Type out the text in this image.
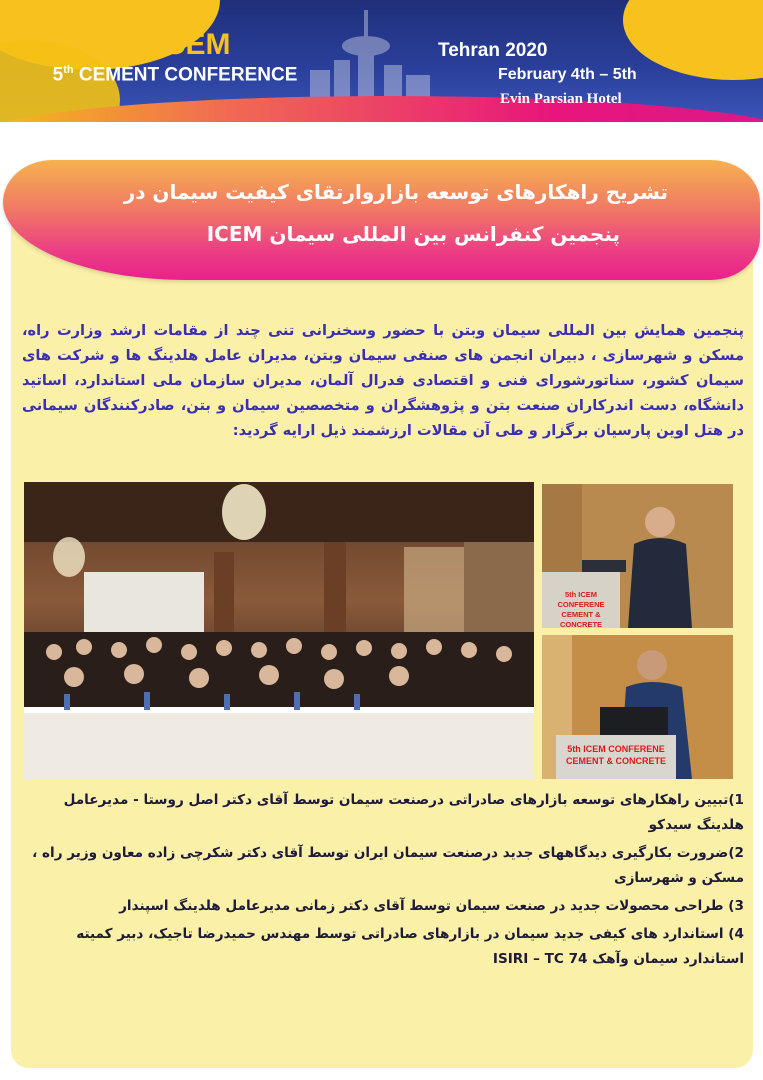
ICEM
5th CEMENT CONFERENCE
Tehran 2020
February 4th – 5th
Evin Parsian Hotel
تشریح راهکارهای توسعه بازاروارتقای کیفیت سیمان در
پنجمین کنفرانس بین المللی سیمان ICEM

پنجمین همایش بین المللی سیمان وبتن با حضور وسخنرانی تنی چند از مقامات ارشد وزارت راه، مسکن و شهرسازی ، دبیران انجمن های صنفی سیمان وبتن، مدیران عامل هلدینگ ها و شرکت های سیمان کشور، سناتورشورای فنی و اقتصادی فدرال آلمان، مدیران سازمان ملی استاندارد، اساتید دانشگاه، دست اندرکاران صنعت بتن و پژوهشگران و متخصصین سیمان و بتن، صادرکنندگان سیمانی در هتل اوین پارسیان برگزار و طی آن مقالات ارزشمند ذیل ارایه گردید:

5th ICEM CONFERENE
CEMENT & CONCRETE
5th ICEM CONFERENE
CEMENT & CONCRETE
1)تبیین راهکارهای توسعه بازارهای صادراتی درصنعت سیمان توسط آقای دکتر اصل روستا - مدیرعامل هلدینگ سیدکو
2)ضرورت بکارگیری دیدگاههای جدید درصنعت سیمان ایران توسط آقای دکتر شکرچی زاده معاون وزیر راه ، مسکن و شهرسازی
3) طراحی محصولات جدید در صنعت سیمان توسط آقای دکتر زمانی مدیرعامل هلدینگ اسپندار
4) استاندارد های کیفی جدید سیمان در بازارهای صادراتی توسط مهندس حمیدرضا تاجیک، دبیر کمیته استاندارد سیمان وآهک ISIRI – TC 74
